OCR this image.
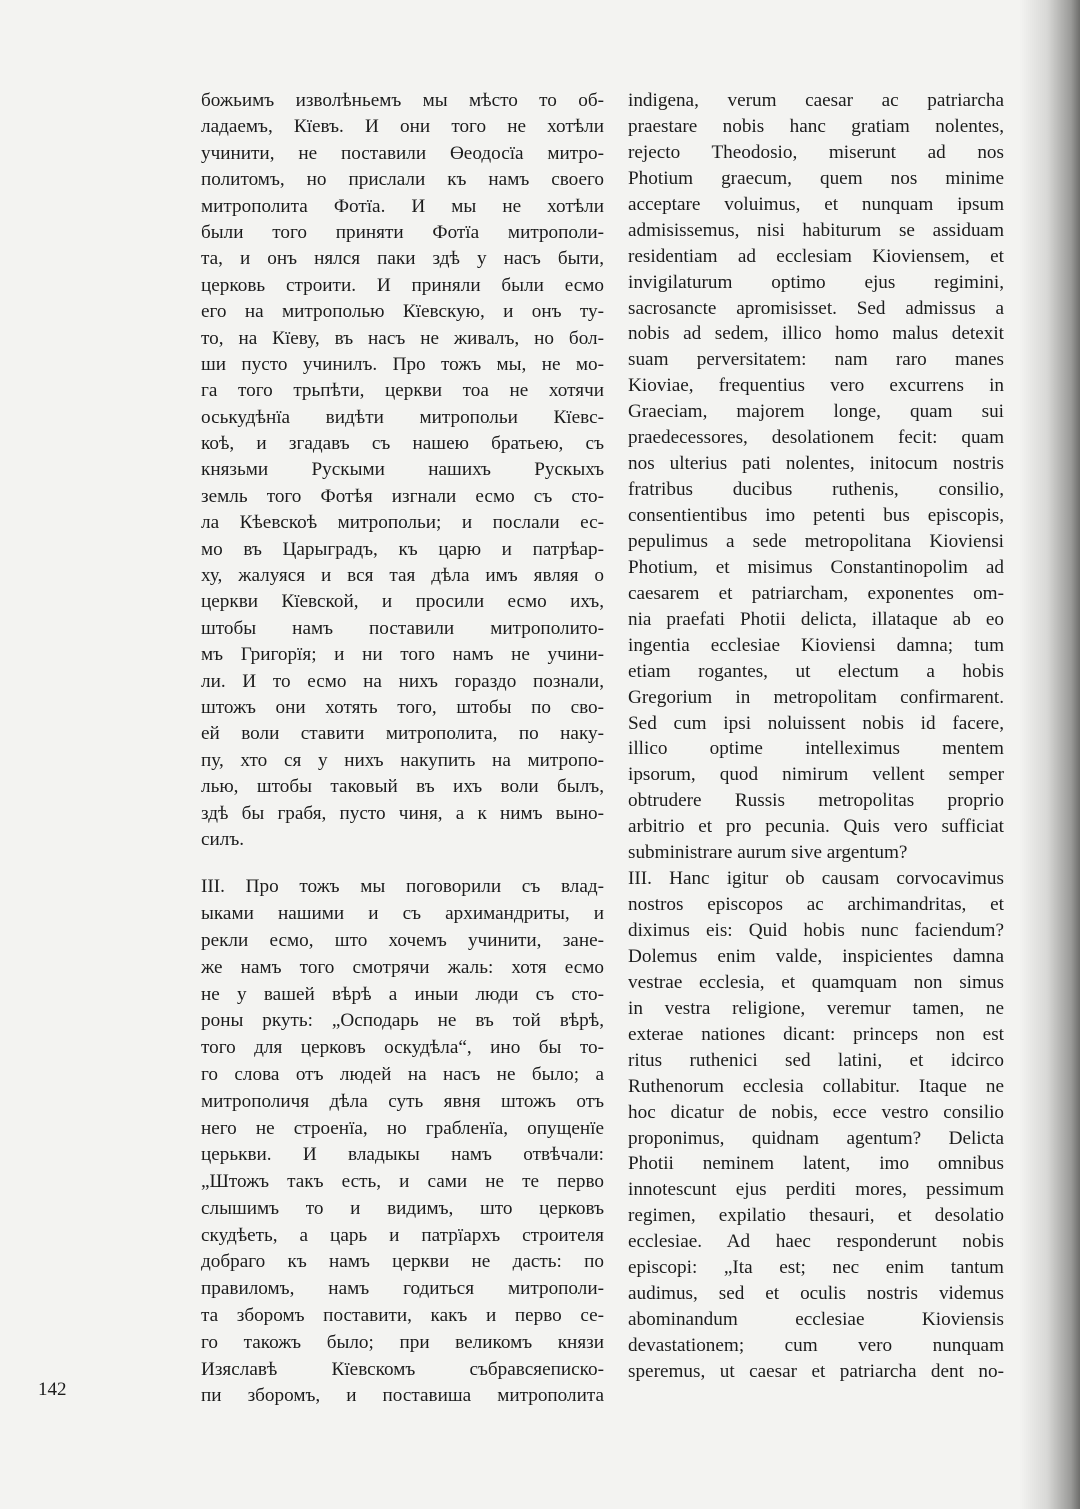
божьимъ изволѣньемъ мы мѣсто то об-
ладаемъ, Кїевъ. И они того не хотѣли
учинити, не поставили Өеодосїа митро-
политомъ, но прислали къ намъ своего
митрополита Фотїа. И мы не хотѣли
были того приняти Фотїа митрополи-
та, и онъ нялся паки здѣ у насъ быти,
церковь строити. И приняли были есмо
его на митрополью Кїевскую, и онъ ту-
то, на Кїеву, въ насъ не живалъ, но бол-
ши пусто учинилъ. Про тожъ мы, не мо-
га того трьпѣти, церкви тоа не хотячи
оськудѣнїа видѣти митропольи Кїевс-
коѣ, и згадавъ съ нашею братьею, съ
князьми Рускыми нашихъ Рускыхъ
земль того Фотѣя изгнали есмо съ сто-
ла Кѣевскоѣ митропольи; и послали ес-
мо въ Царыградъ, къ царю и патрѣар-
ху, жалуяся и вся тая дѣла имъ являя о
церкви Кїевской, и просили есмо ихъ,
штобы намъ поставили митрополито-
мъ Григорїя; и ни того намъ не учини-
ли. И то есмо на нихъ гораздо познали,
штожъ они хотять того, штобы по сво-
ей воли ставити митрополита, по наку-
пу, хто ся у нихъ накупить на митропо-
лью, штобы таковый въ ихъ воли былъ,
здѣ бы грабя, пусто чиня, а к нимъ выно-
силъ.
III. Про тожъ мы поговорили съ влад-
ыками нашими и съ архимандриты, и
рекли есмо, што хочемъ учинити, зане-
же намъ того смотрячи жаль: хотя есмо
не у вашей вѣрѣ а иныи люди съ сто-
роны ркуть: „Осподарь не въ той вѣрѣ,
того для церковъ оскудѣла“, ино бы то-
го слова отъ людей на насъ не было; а
митрополичя дѣла суть явня штожъ отъ
него не строенїа, но грабленїа, опущенїе
церькви. И владыкы намъ отвѣчали:
„Штожъ такъ есть, и сами не те перво
слышимъ то и видимъ, што церковъ
скудѣеть, а царь и патрїархъ строителя
добраго къ намъ церкви не дасть: по
правиломъ, намъ годиться митрополи-
та зборомъ поставити, какъ и перво се-
го такожъ было; при великомъ князи
Изяславѣ Кїевскомъ събравсяеписко-
пи зборомъ, и поставиша митрополита
indigena, verum caesar ac patriarcha
praestare nobis hanc gratiam nolentes,
rejecto Theodosio, miserunt ad nos
Photium graecum, quem nos minime
acceptare voluimus, et nunquam ipsum
admisissemus, nisi habiturum se assiduam
residentiam ad ecclesiam Kioviensem, et
invigilaturum optimo ejus regimini,
sacrosancte apromisisset. Sed admissus a
nobis ad sedem, illico homo malus detexit
suam perversitatem: nam raro manes
Kioviae, frequentius vero excurrens in
Graeciam, majorem longe, quam sui
praedecessores, desolationem fecit: quam
nos ulterius pati nolentes, initocum nostris
fratribus ducibus ruthenis, consilio,
consentientibus imo petenti bus episcopis,
pepulimus a sede metropolitana Kioviensi
Photium, et misimus Constantinopolim ad
caesarem et patriarcham, exponentes om-
nia praefati Photii delicta, illataque ab eo
ingentia ecclesiae Kioviensi damna; tum
etiam rogantes, ut electum a hobis
Gregorium in metropolitam confirmarent.
Sed cum ipsi noluissent nobis id facere,
illico optime intelleximus mentem
ipsorum, quod nimirum vellent semper
obtrudere Russis metropolitas proprio
arbitrio et pro pecunia. Quis vero sufficiat
subministrare aurum sive argentum?
III. Hanc igitur ob causam corvocavimus
nostros episcopos ac archimandritas, et
diximus eis: Quid hobis nunc faciendum?
Dolemus enim valde, inspicientes damna
vestrae ecclesia, et quamquam non simus
in vestra religione, veremur tamen, ne
exterae nationes dicant: princeps non est
ritus ruthenici sed latini, et idcirco
Ruthenorum ecclesia collabitur. Itaque ne
hoc dicatur de nobis, ecce vestro consilio
proponimus, quidnam agentum? Delicta
Photii neminem latent, imo omnibus
innotescunt ejus perditi mores, pessimum
regimen, expilatio thesauri, et desolatio
ecclesiae. Ad haec responderunt nobis
episcopi: „Ita est; nec enim tantum
audimus, sed et oculis nostris videmus
abominandum ecclesiae Kioviensis
devastationem; cum vero nunquam
speremus, ut caesar et patriarcha dent no-
142
